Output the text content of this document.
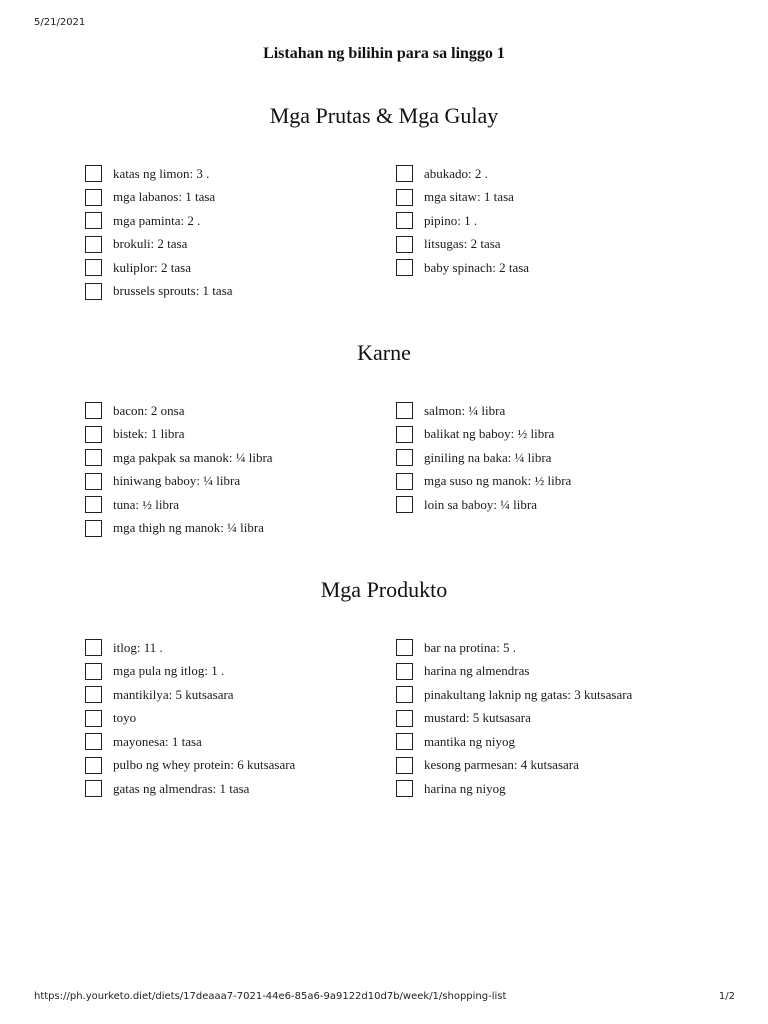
5/21/2021
Listahan ng bilihin para sa linggo 1
Mga Prutas & Mga Gulay
katas ng limon: 3 .
mga labanos: 1 tasa
mga paminta: 2 .
brokuli: 2 tasa
kuliplor: 2 tasa
brussels sprouts: 1 tasa
abukado: 2 .
mga sitaw: 1 tasa
pipino: 1 .
litsugas: 2 tasa
baby spinach: 2 tasa
Karne
bacon: 2 onsa
bistek: 1 libra
mga pakpak sa manok: ¼ libra
hiniwang baboy: ¼ libra
tuna: ½ libra
mga thigh ng manok: ¼ libra
salmon: ¼ libra
balikat ng baboy: ½ libra
giniling na baka: ¼ libra
mga suso ng manok: ½ libra
loin sa baboy: ¼ libra
Mga Produkto
itlog: 11 .
mga pula ng itlog: 1 .
mantikilya: 5 kutsasara
toyo
mayonesa: 1 tasa
pulbo ng whey protein: 6 kutsasara
gatas ng almendras: 1 tasa
bar na protina: 5 .
harina ng almendras
pinakultang laknip ng gatas: 3 kutsasara
mustard: 5 kutsasara
mantika ng niyog
kesong parmesan: 4 kutsasara
harina ng niyog
https://ph.yourketo.diet/diets/17deaaa7-7021-44e6-85a6-9a9122d10d7b/week/1/shopping-list	1/2
